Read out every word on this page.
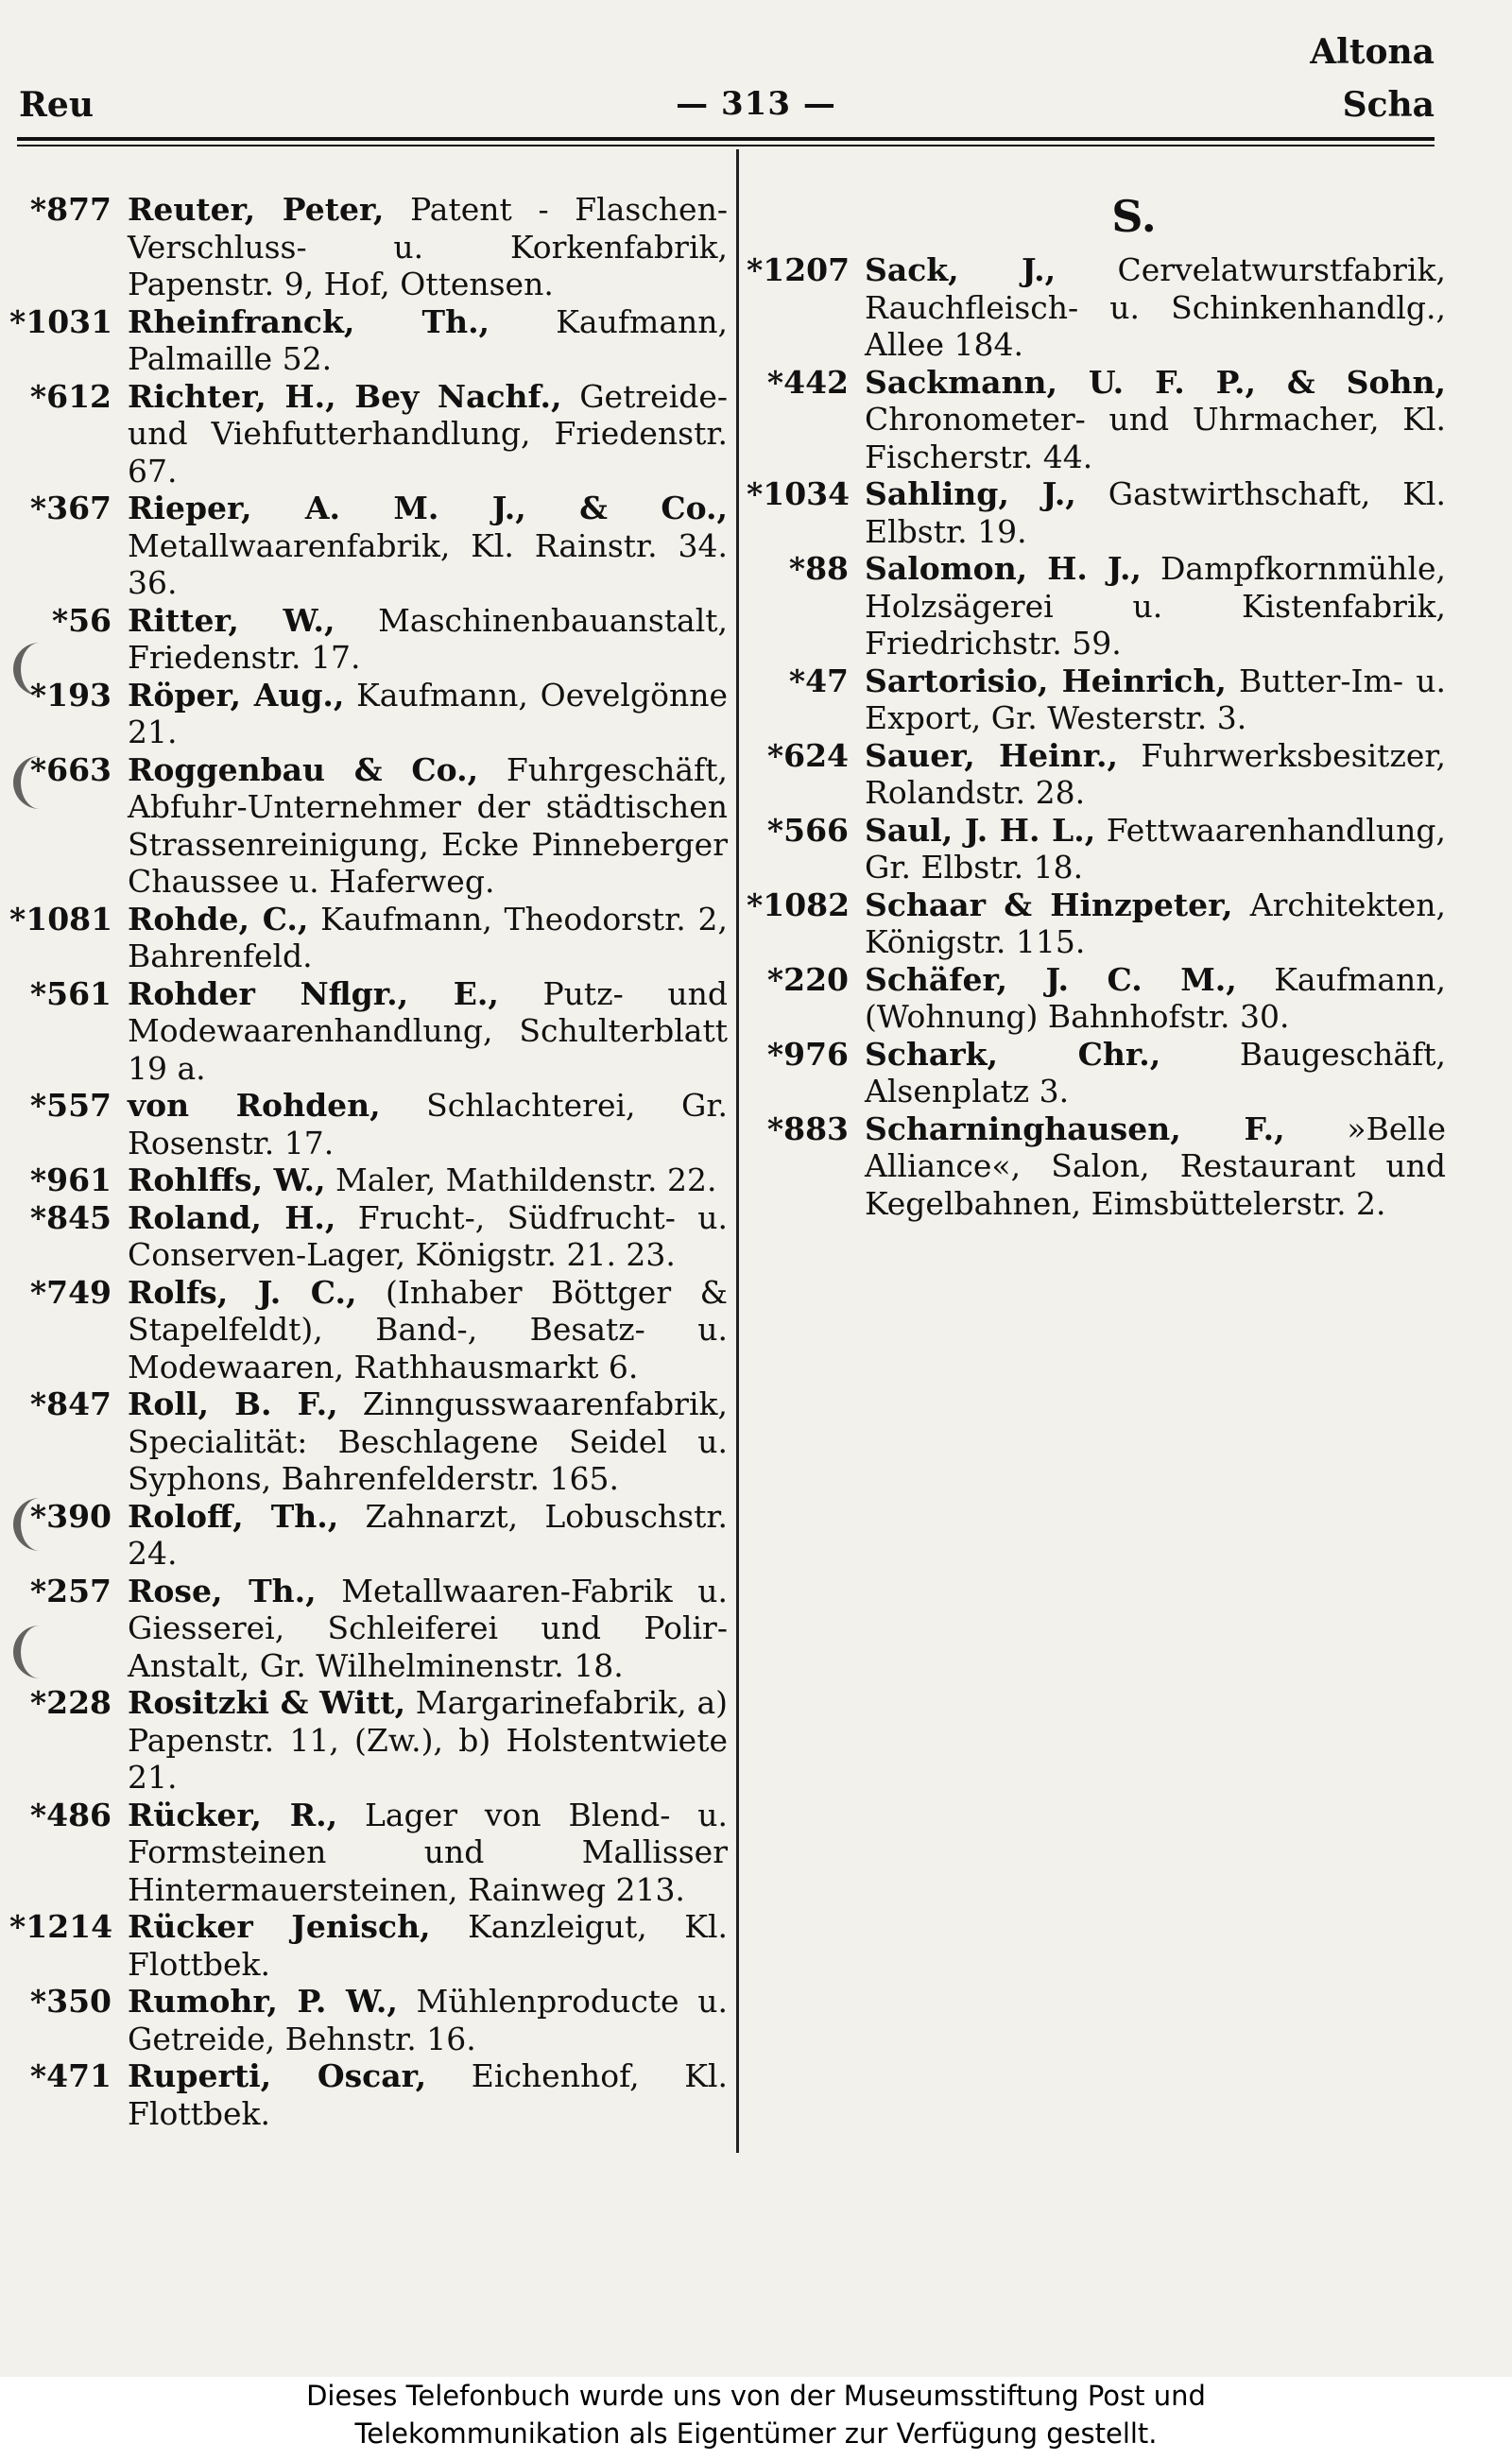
Altona
Reu	— 313 —	Scha
*877 Reuter, Peter, Patent - Flaschen-Verschluss- u. Korkenfabrik, Papenstr. 9, Hof, Ottensen.
*1031 Rheinfranck, Th., Kaufmann, Palmaille 52.
*612 Richter, H., Bey Nachf., Getreide- und Viehfutterhandlung, Friedenstr. 67.
*367 Rieper, A. M. J., & Co., Metallwaarenfabrik, Kl. Rainstr. 34. 36.
*56 Ritter, W., Maschinenbauanstalt, Friedenstr. 17.
*193 Röper, Aug., Kaufmann, Oevelgönne 21.
*663 Roggenbau & Co., Fuhrgeschäft, Abfuhr-Unternehmer der städtischen Strassenreinigung, Ecke Pinneberger Chaussee u. Haferweg.
*1081 Rohde, C., Kaufmann, Theodorstr. 2, Bahrenfeld.
*561 Rohder Nflgr., E., Putz- und Modewaarenhandlung, Schulterblatt 19 a.
*557 von Rohden, Schlachterei, Gr. Rosenstr. 17.
*961 Rohlffs, W., Maler, Mathildenstr. 22.
*845 Roland, H., Frucht-, Südfrucht- u. Conserven-Lager, Königstr. 21. 23.
*749 Rolfs, J. C., (Inhaber Böttger & Stapelfeldt), Band-, Besatz- u. Modewaaren, Rathhausmarkt 6.
*847 Roll, B. F., Zinngusswaarenfabrik, Specialität: Beschlagene Seidel u. Syphons, Bahrenfelderstr. 165.
*390 Roloff, Th., Zahnarzt, Lobuschstr. 24.
*257 Rose, Th., Metallwaaren-Fabrik u. Giesserei, Schleiferei und Polir-Anstalt, Gr. Wilhelminenstr. 18.
*228 Rositzki & Witt, Margarinefabrik, a) Papenstr. 11, (Zw.), b) Holstentwiete 21.
*486 Rücker, R., Lager von Blend- u. Formsteinen und Mallisser Hintermauersteinen, Rainweg 213.
*1214 Rücker Jenisch, Kanzleigut, Kl. Flottbek.
*350 Rumohr, P. W., Mühlenproducte u. Getreide, Behnstr. 16.
*471 Ruperti, Oscar, Eichenhof, Kl. Flottbek.
S.
*1207 Sack, J., Cervelatwurstfabrik, Rauchfleisch- u. Schinkenhandlg., Allee 184.
*442 Sackmann, U. F. P., & Sohn, Chronometer- und Uhrmacher, Kl. Fischerstr. 44.
*1034 Sahling, J., Gastwirthschaft, Kl. Elbstr. 19.
*88 Salomon, H. J., Dampfkornmühle, Holzsägerei u. Kistenfabrik, Friedrichstr. 59.
*47 Sartorisio, Heinrich, Butter-Im- u. Export, Gr. Westerstr. 3.
*624 Sauer, Heinr., Fuhrwerksbesitzer, Rolandstr. 28.
*566 Saul, J. H. L., Fettwaarenhandlung, Gr. Elbstr. 18.
*1082 Schaar & Hinzpeter, Architekten, Königstr. 115.
*220 Schäfer, J. C. M., Kaufmann, (Wohnung) Bahnhofstr. 30.
*976 Schark, Chr., Baugeschäft, Alsenplatz 3.
*883 Scharninghausen, F., »Belle Alliance«, Salon, Restaurant und Kegelbahnen, Eimsbüttelerstr. 2.
Dieses Telefonbuch wurde uns von der Museumsstiftung Post und
Telekommunikation als Eigentümer zur Verfügung gestellt.
